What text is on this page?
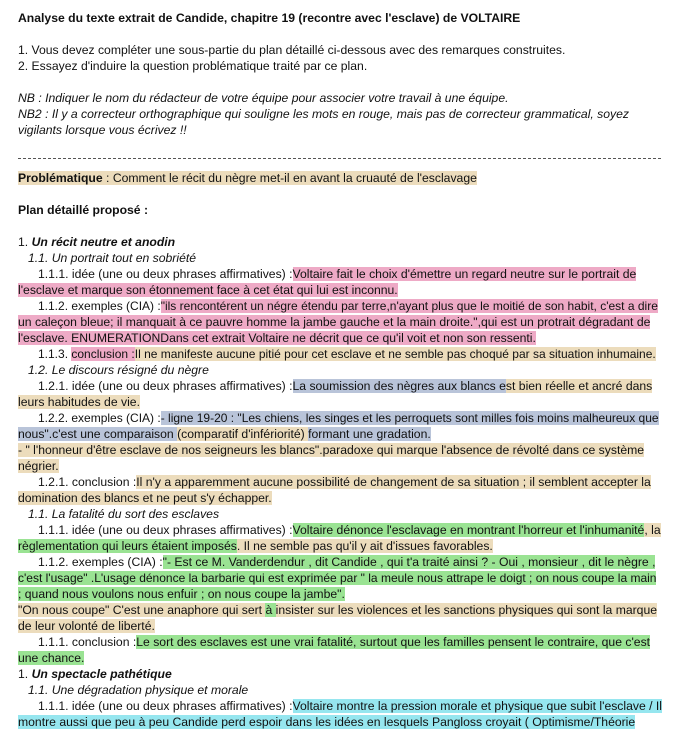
Analyse du texte extrait de Candide, chapitre 19 (recontre avec l'esclave) de VOLTAIRE
1. Vous devez compléter une sous-partie du plan détaillé ci-dessous avec des remarques construites.
2. Essayez d'induire la question problématique traité par ce plan.
NB : Indiquer le nom du rédacteur de votre équipe pour associer votre travail à une équipe.
NB2 : Il y a correcteur orthographique qui souligne les mots en rouge, mais pas de correcteur grammatical, soyez
vigilants lorsque vous écrivez !!
Problématique : Comment le récit du nègre met-il en avant la cruauté de l'esclavage
Plan détaillé proposé :
1. Un récit neutre et anodin
1.1. Un portrait tout en sobriété
1.1.1. idée (une ou deux phrases affirmatives) :Voltaire fait le choix d'émettre un regard neutre sur le portrait de
l'esclave et marque son étonnement face à cet état qui lui est inconnu.
1.1.2. exemples (CIA) :"ils rencontérent un négre étendu par terre,n'ayant plus que le moitié de son habit, c'est a dire
un caleçon bleue; il manquait à ce pauvre homme la jambe gauche et la main droite.",qui est un protrait dégradant de
l'esclave. ENUMERATIONDans cet extrait Voltaire ne décrit que ce qu'il voit et non son ressenti.
1.1.3. conclusion :Il ne manifeste aucune pitié pour cet esclave et ne semble pas choqué par sa situation inhumaine.
1.2. Le discours résigné du nègre
1.2.1. idée (une ou deux phrases affirmatives) :La soumission des nègres aux blancs est bien réelle et ancré dans
leurs habitudes de vie.
1.2.2. exemples (CIA) :- ligne 19-20 : "Les chiens, les singes et les perroquets sont milles fois moins malheureux que
nous".c'est une comparaison (comparatif d'infériorité) formant une gradation.
- " l'honneur d'être esclave de nos seigneurs les blancs".paradoxe qui marque l'absence de révolté dans ce système
négrier.
1.2.1. conclusion :Il n'y a apparemment aucune possibilité de changement de sa situation ; il semblent accepter la
domination des blancs et ne peut s'y échapper.
1.1. La fatalité du sort des esclaves
1.1.1. idée (une ou deux phrases affirmatives) :Voltaire dénonce l'esclavage en montrant l'horreur et l'inhumanité, la
règlementation qui leurs étaient imposés. Il ne semble pas qu'il y ait d'issues favorables.
1.1.2. exemples (CIA) :"- Est ce M. Vanderdendur , dit Candide , qui t'a traité ainsi ? - Oui , monsieur , dit le nègre ,
c'est l'usage" .L'usage dénonce la barbarie qui est exprimée par " la meule nous attrape le doigt ; on nous coupe la main
; quand nous voulons nous enfuir ; on nous coupe la jambe".
"On nous coupe" C'est une anaphore qui sert à insister sur les violences et les sanctions physiques qui sont la marque
de leur volonté de liberté.
1.1.1. conclusion :Le sort des esclaves est une vrai fatalité, surtout que les familles pensent le contraire, que c'est
une chance.
1. Un spectacle pathétique
1.1. Une dégradation physique et morale
1.1.1. idée (une ou deux phrases affirmatives) :Voltaire montre la pression morale et physique que subit l'esclave / Il
montre aussi que peu à peu Candide perd espoir dans les idées en lesquels Pangloss croyait ( Optimisme/Théorie
